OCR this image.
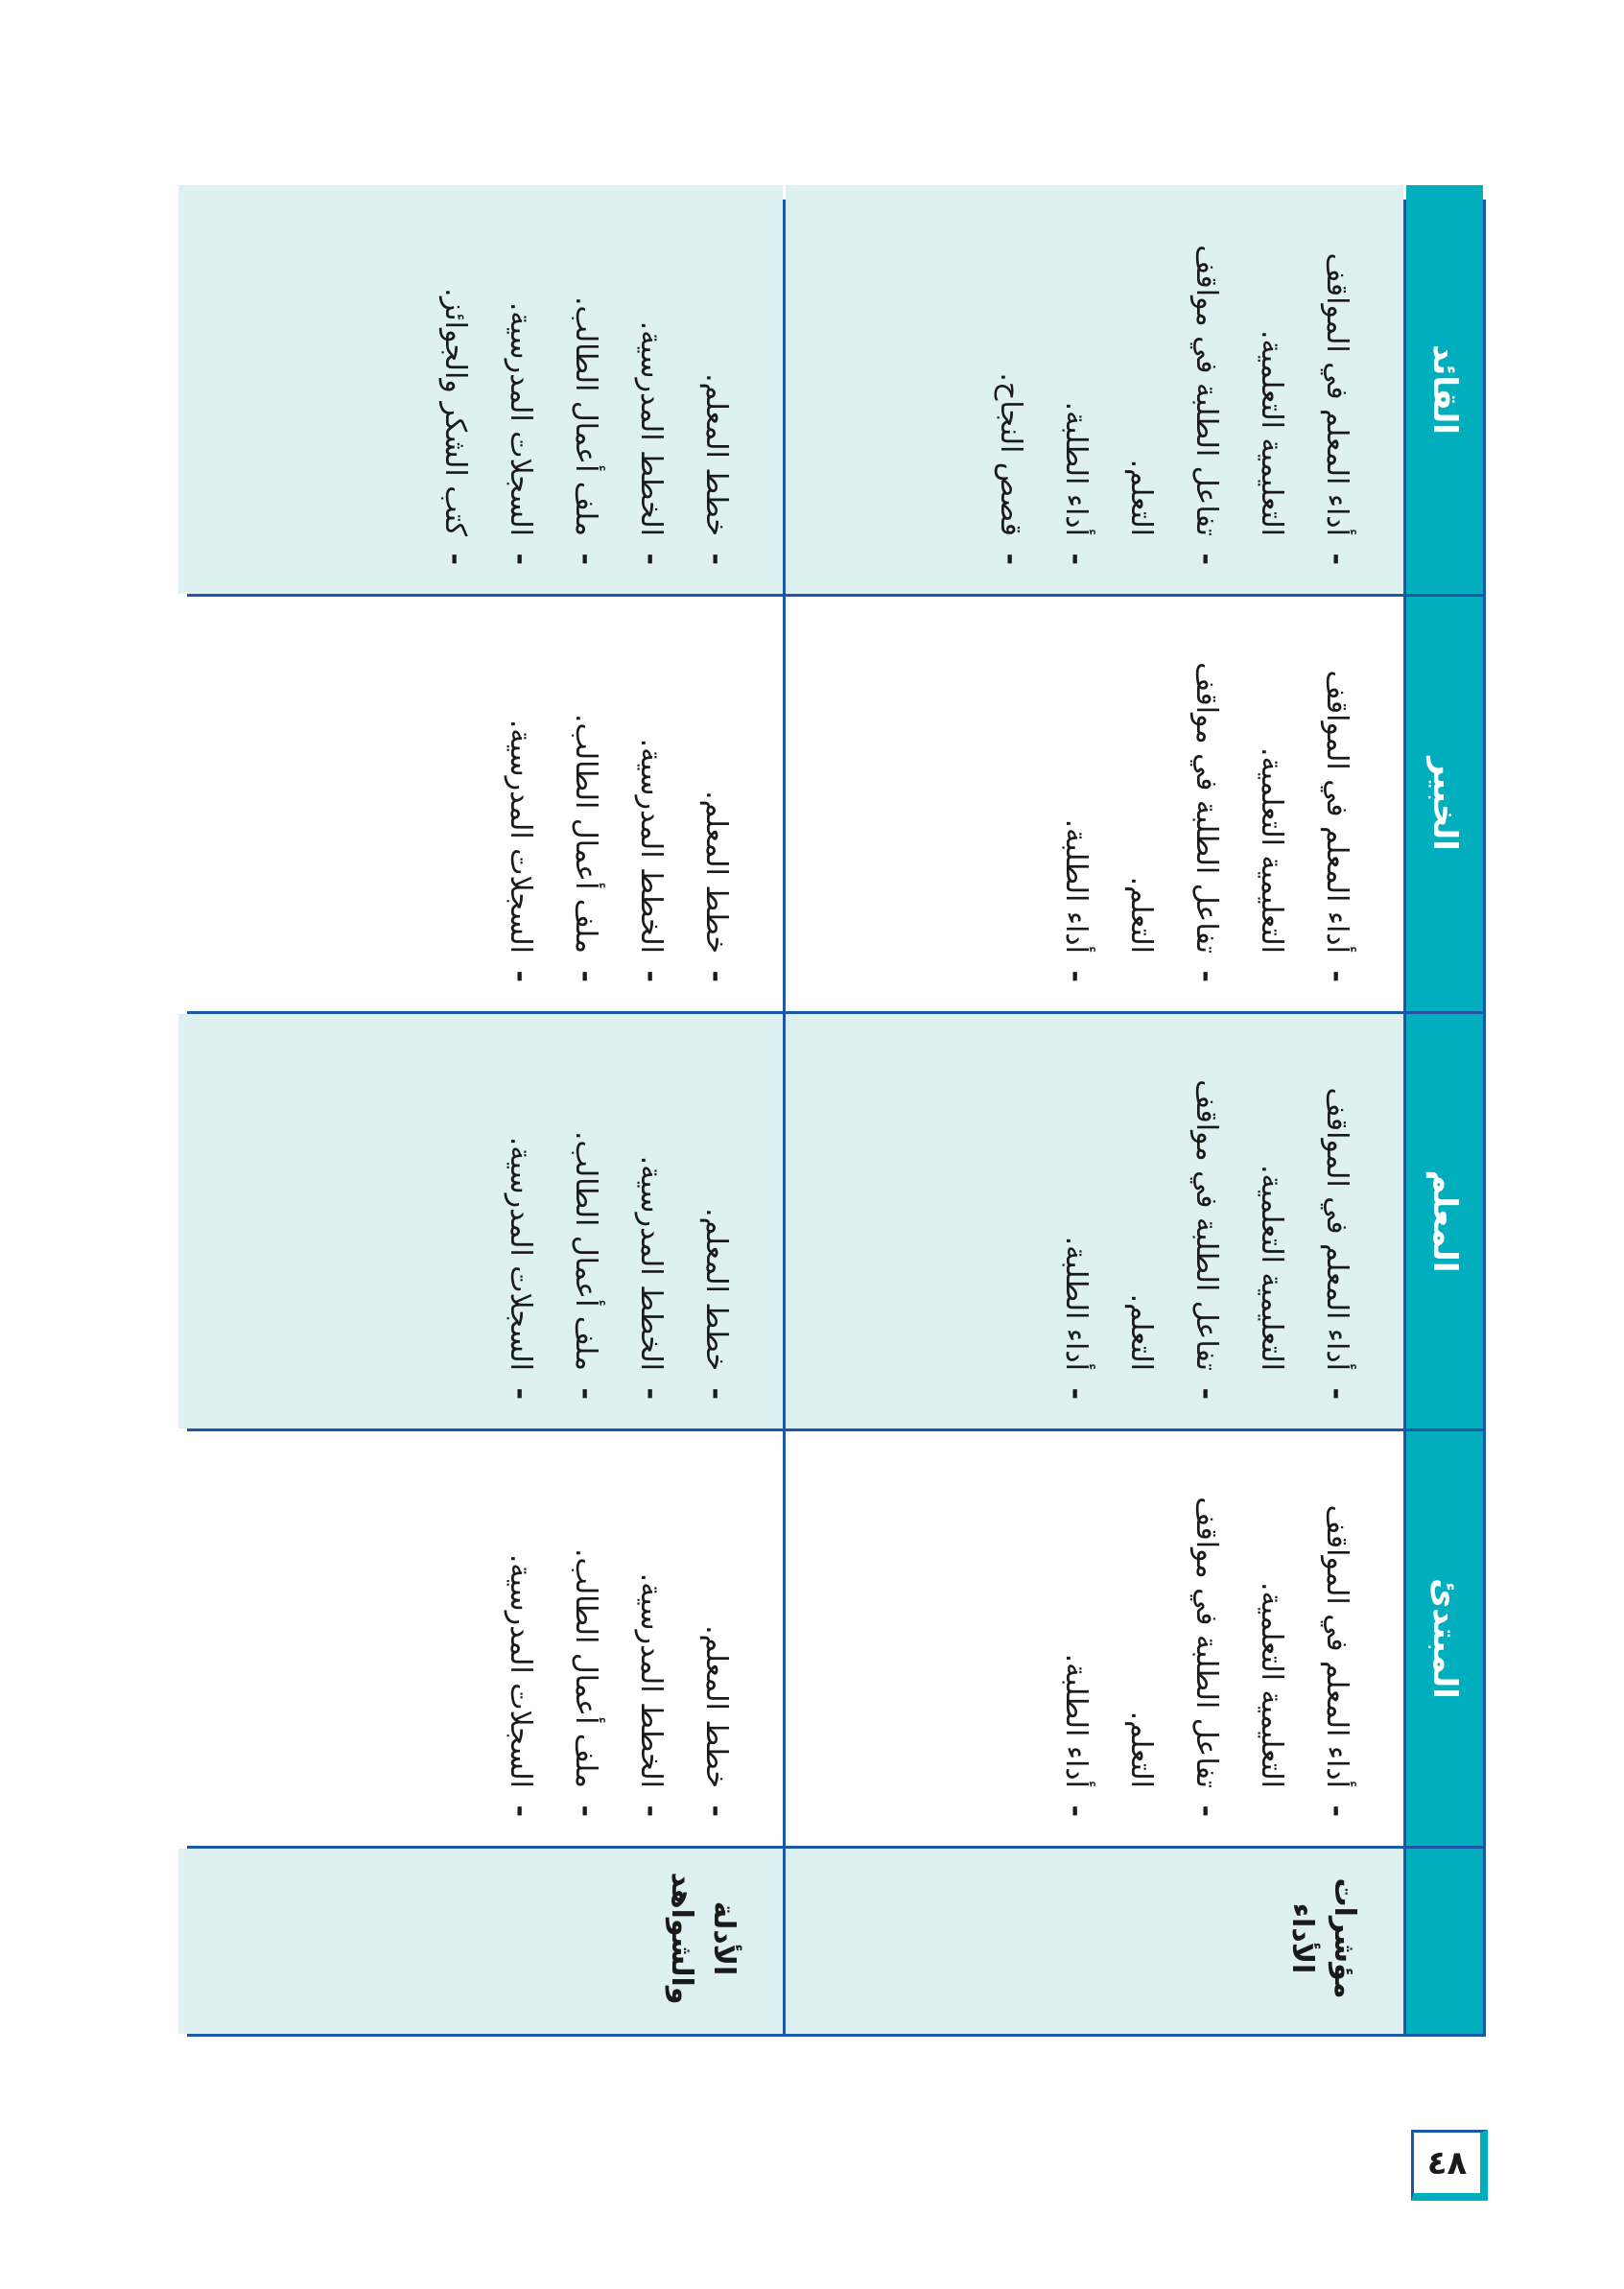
المبتدئ
المعلم
الخبير
القائد
مؤشرات الأداء
- أداء المعلم في المواقف التعليمية التعلمية.
- تفاعل الطلبة في مواقف التعلم.
- أداء الطلبة.
- أداء المعلم في المواقف التعليمية التعلمية.
- تفاعل الطلبة في مواقف التعلم.
- أداء الطلبة.
- أداء المعلم في المواقف التعليمية التعلمية.
- تفاعل الطلبة في مواقف التعلم.
- أداء الطلبة.
- أداء المعلم في المواقف التعليمية التعلمية.
- تفاعل الطلبة في مواقف التعلم.
- أداء الطلبة.
- قصص النجاح.
الأدلة والشواهد
- خطط المعلم.
- الخطط المدرسية.
- ملف أعمال الطالب.
- السجلات المدرسية.
- خطط المعلم.
- الخطط المدرسية.
- ملف أعمال الطالب.
- السجلات المدرسية.
- خطط المعلم.
- الخطط المدرسية.
- ملف أعمال الطالب.
- السجلات المدرسية.
- خطط المعلم.
- الخطط المدرسية.
- ملف أعمال الطالب.
- السجلات المدرسية.
- كتب الشكر والجوائز.
٤٨
